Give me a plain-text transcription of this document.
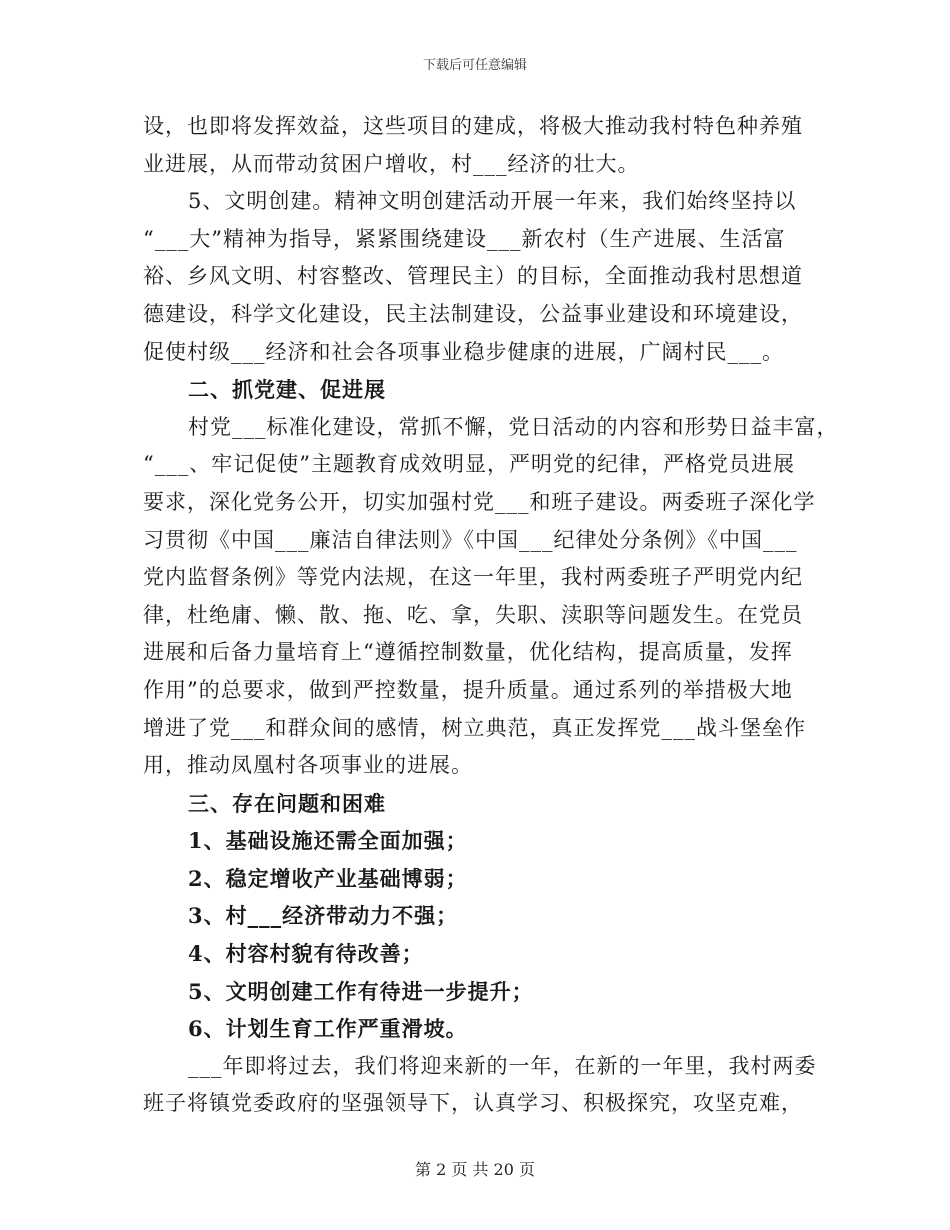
下载后可任意编辑
设，也即将发挥效益，这些项目的建成，将极大推动我村特色种养殖
业进展，从而带动贫困户增收，村___经济的壮大。
5、文明创建。精神文明创建活动开展一年来，我们始终坚持以
“___大”精神为指导，紧紧围绕建设___新农村（生产进展、生活富
裕、乡风文明、村容整改、管理民主）的目标，全面推动我村思想道
德建设，科学文化建设，民主法制建设，公益事业建设和环境建设，
促使村级___经济和社会各项事业稳步健康的进展，广阔村民___。
二、抓党建、促进展
村党___标准化建设，常抓不懈，党日活动的内容和形势日益丰富，
“___、牢记促使”主题教育成效明显，严明党的纪律，严格党员进展
要求，深化党务公开，切实加强村党___和班子建设。两委班子深化学
习贯彻《中国___廉洁自律法则》《中国___纪律处分条例》《中国___
党内监督条例》等党内法规，在这一年里，我村两委班子严明党内纪
律，杜绝庸、懒、散、拖、吃、拿，失职、渎职等问题发生。在党员
进展和后备力量培育上“遵循控制数量，优化结构，提高质量，发挥
作用”的总要求，做到严控数量，提升质量。通过系列的举措极大地
增进了党___和群众间的感情，树立典范，真正发挥党___战斗堡垒作
用，推动凤凰村各项事业的进展。
三、存在问题和困难
1、基础设施还需全面加强；
2、稳定增收产业基础博弱；
3、村___经济带动力不强；
4、村容村貌有待改善；
5、文明创建工作有待进一步提升；
6、计划生育工作严重滑坡。
___年即将过去，我们将迎来新的一年，在新的一年里，我村两委
班子将镇党委政府的坚强领导下，认真学习、积极探究，攻坚克难，
第 2 页 共 20 页
